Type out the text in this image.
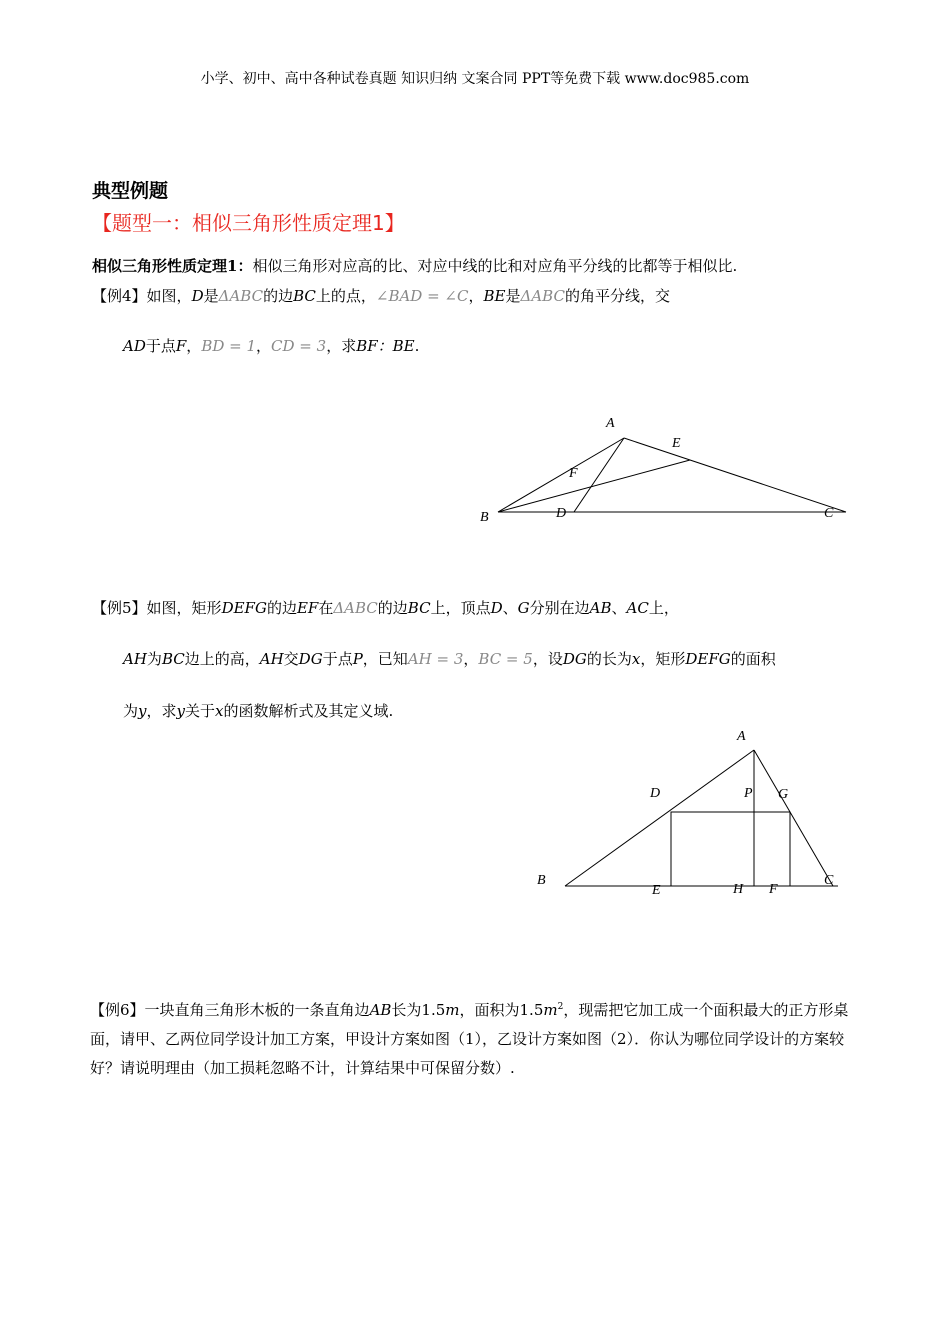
小学、初中、高中各种试卷真题 知识归纳 文案合同 PPT等免费下载 www.doc985.com
典型例题
【题型一：相似三角形性质定理1】
相似三角形性质定理1：相似三角形对应高的比、对应中线的比和对应角平分线的比都等于相似比.
【例4】如图，D是ΔABC的边BC上的点，∠BAD = ∠C，BE是ΔABC的角平分线，交
AD于点F，BD = 1，CD = 3，求BF：BE.
A
E
F
B	D	C
A
D	P G
B
E	H F
C
【例5】如图，矩形DEFG的边EF在ΔABC的边BC上，顶点D、G分别在边AB、AC上，
AH为BC边上的高，AH交DG于点P，已知AH = 3，BC = 5，设DG的长为x，矩形DEFG的面积
为y，求y关于x的函数解析式及其定义域.
【例6】一块直角三角形木板的一条直角边AB长为1.5m，面积为$1.5m^2$，现需把它加工成一个面积最大的正方形桌面，请甲、乙两位同学设计加工方案，甲设计方案如图（1），乙设计方案如图（2）．你认为哪位同学设计的方案较好？请说明理由（加工损耗忽略不计，计算结果中可保留分数）.
